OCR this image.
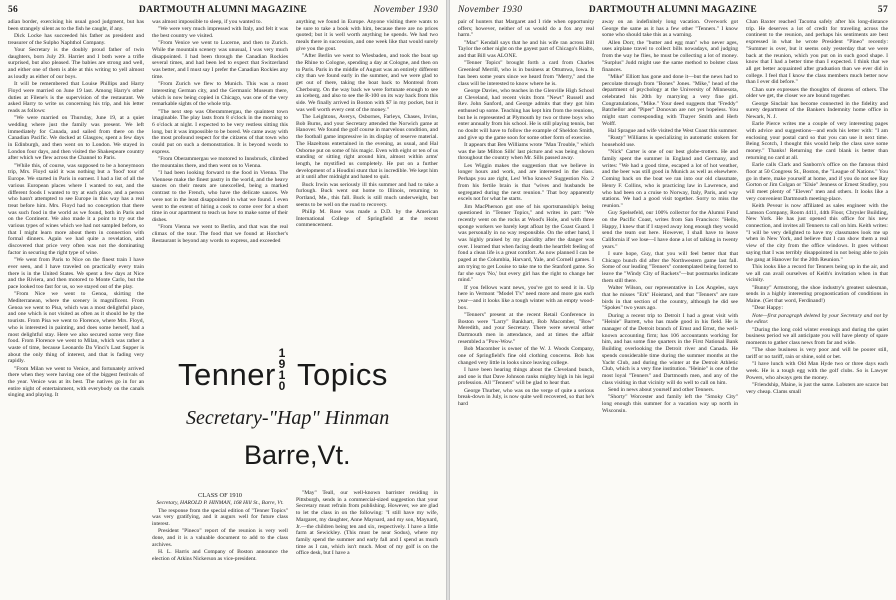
56	DARTMOUTH ALUMNI MAGAZINE	November 1930

adian border, exercising his usual good judgment, but has been strangely silent as to the fish he caught, if any.

Dick Locke has succeeded his father as president and treasurer of the Sulpho Naphthol Company.

Your Secretary is the doubly proud father of twin daughters, born July 29. Harriet and I both were a trifle surprised, but also pleased. The babies are strong and well, and either one of them is able at this writing to yell almost as loudly as either of our boys.

It will be remembered that Louise Phillips and Harry Floyd were married on June 19 last. Among Harry's other duties at Filene's is the supervision of the restaurant. We asked Harry to write us concerning his trip, and his letter reads as follows:

"We were married on Thursday, June 19, at a quiet wedding where just the family was present. We left immediately for Canada, and sailed from there on the Canadian Pacific. We docked at Glasgow, spent a few days in Edinburgh, and then went on to London. We stayed in London four days, and then visited the Shakespeare country after which we flew across the Channel to Paris.

"While this, of course, was supposed to be a honeymoon trip, Mrs. Floyd said it was nothing but a 'food' tour of Europe. We started in Paris in earnest. I had a list of all the various European places where I wanted to eat, and the different foods I wanted to try at each place, and a person who hasn't attempted to see Europe in this way has a real treat before him. Mrs. Floyd had no conception that there was such food in the world as we found, both in Paris and on the Continent. We also made it a point to try out the various types of wines which we had not sampled before, so that I might learn more about them in connection with formal dinners. Again we had quite a revelation, and discovered that price very often was not the dominating factor in securing the right type of wine.

"We went from Paris to Nice on the finest train I have ever seen, and I have traveled on practically every train there is in the United States. We spent a few days at Nice and the Riviera, and then motored to Monte Carlo, but the pace looked too fast for us, so we stayed out of the play.

"From Nice we went to Genoa, skirting the Mediterranean, where the scenery is magnificent. From Genoa we went to Pisa, which was a most delightful place, and one which is not visited as often as it should be by the tourists. From Pisa we went to Florence, where Mrs. Floyd, who is interested in painting, and does some herself, had a most delightful stay. Here we also secured some very fine food. From Florence we went to Milan, which was rather a waste of time, because Leonardo Da Vinci's Last Supper is about the only thing of interest, and that is fading very rapidly.

"From Milan we went to Venice, and fortunately arrived there when they were having one of the biggest festivals of the year. Venice was at its best. The natives go in for an entire night of entertainment, with everybody on the canals singing and playing. It

was almost impossible to sleep, if you wanted to.

"We were very much impressed with Italy, and felt it was the best country we visited.

"From Venice we went to Lucerne, and then to Zurich. While the mountain scenery was unusual, I was very much disappointed. I had been through the Canadian Rockies several times, and had been led to expect that Switzerland was better, and I must say I prefer the Canadian Rockies any time.

"From Zurich we flew to Munich. This was a most interesting German city, and the Germanic Museum there, which is now being copied in Chicago, was one of the very remarkable sights of the whole trip.

"The next step was Oberammergau, the quaintest town imaginable. The play lasts from 8 o'clock in the morning to 6 o'clock at night. I expected to be very restless sitting this long, but it was impossible to be bored. We came away with the most profound respect for the citizens of that town who could put on such a demonstration. It is beyond words to express.

"From Oberammergau we motored to Innsbruck, climbed the mountains there, and then went on to Vienna.

"I had been looking forward to the food in Vienna. The Viennese make the finest pastry in the world, and the heavy sauces on their meats are unexcelled, being a marked contrast to the French, who have the delicate sauces. We were not in the least disappointed in what we found. I even went to the extent of hiring a cook to come over for a short time in our apartment to teach us how to make some of their dishes.

"From Vienna we went to Berlin, and that was the real climax of the tour. The food that we found at Horcher's Restaurant is beyond any words to express, and exceeded

anything we found in Europe. Anyone visiting there wants to be sure to take a book with him, because there are no prices quoted; but it is well worth anything he spends. We had two meals there in succession, and one week like that would surely give you the gout.

"After Berlin we went to Wiesbaden, and took the boat up the Rhine to Cologne, spending a day at Cologne, and then on to Paris. Paris in the middle of August was an entirely different city than we found early in the summer, and we were glad to get out of there, taking the boat back to Montreal from Cherbourg. On the way back we were fortunate enough to see an iceberg, and also to see the R-100 on its way back from this side. We finally arrived in Boston with $7 in my pocket, but it was well worth every cent of the money."

The Leightons, Averys, Osbornes, Farleys, Chases, Irvins, Bob Burns, and your Secretary attended the Norwich game at Hanover. We found the golf course in marvelous condition, and the football game impressive in its display of reserve material. The Hazeltons entertained in the evening, as usual, and Hal Osborne put on some of his magic. Even with eight or ten of us standing or sitting right around him, almost within arms' length, he mystified us completely. He put on a further development of a Houdini stunt that is incredible. We kept him at it until after midnight and hated to quit.

Buck Irwin was seriously ill this summer and had to take a furlough. Buck went out home to Illinois, returning to Portland, Me., this fall. Buck is still much underweight, but seems to be well on the road to recovery.

Philip M. Rose was made a D.D. by the American International College of Springfield at the recent commencement.

Tenner
1
9
1
0 Topics
Secretary-"Hap" Hinman
Barre,Vt.

CLASS OF 1910

Secretary, HAROLD P. HINMAN, 168 Hill St., Barre, Vt.

The response from the special edition of "Tenner Topics" was very gratifying, and it augurs well for future class interest.

President "Pineco" report of the reunion is very well done, and it is a valuable document to add to the class archives.

H. L. Harris and Company of Boston announce the election of Atkins Nickerson as vice-president.

"May" Teall, our well-known barrister residing in Pittsburgh, sends in a commercial-sized suggestion that your Secretary must refrain from publishing. However, we are glad to let the class in on the following: "I still have my wife, Margaret, my daughter, Anne Maynard, and my son, Maynard, Jr.—the children being ten and six, respectively. I have a little farm at Sewickley. (This must be near Sodus), where my family spend the summer and early fall and I spend as much time as I can, which isn't much. Most of my golf is on the office desk, but I have a

November 1930	DARTMOUTH ALUMNI MAGAZINE	57

pair of hunters that Margaret and I ride when opportunity offers; however, neither of us would do a fox any real harm."

"Mac" Kendall says that he and his wife ran across Bill Taylor the other night on the gayest part of Chicago's Rialto, and that Bill was ALONE.

"Tenner Topics" brought forth a card from Charles Greenleaf Merrill, who is in business at Ottumwa, Iowa. It has been some years since we heard from "Merry," and the class will be interested to know where he is.

George Davies, who teaches in the Glenville High School at Cleveland, had recent visits from "Newt" Russell and Rev. John Sanford, and George admits that they got him enthused up some. Teaching has kept him from the reunions, but he is represented at Plymouth by two or three boys who enter annually from his school. He is still playing tennis, but no doubt will have to follow the example of Sheldon Smith, and give up the game soon for some other form of exercise.

It appears that Ben Williams wrote "Man Trouble," which was the late Milton Sills' last picture and was being shown throughout the country when Mr. Sills passed away.

Les Wiggin makes the suggestion that we believe in longer hours and work, and are interested in the class. Perhaps you are right, Les! Who knows? Suggestion No. 2 from his fertile brain is that "wives and husbands be segregated during the next reunion." That boy apparently excels not for what he starts.

Jim MacPherson got one of his sportsmanship's being questioned in "Tenner Topics," and writes in part: "We recently went on the rocks at Wood's Hole, and with three sponge workers we barely kept afloat by the Coast Guard. I was personally in no way responsible. On the other hand, I was highly praised by my placidity after the danger was over. I learned that when facing death the heartfelt feeling of fond a clean life is a great comfort. As now planned I can be paged at the Columbia, Harvard, Yale, and Cornell games. I am trying to get Louise to take me to the Stanford game. So far she says 'No,' but every girl has the right to change her mind."

If you fellows want news, you've got to send it in. Up here in Vermont "Model T's" need more and more gas each year—and it looks like a tough winter with an empty wood-box.

"Tenners" present at the recent Retail Conference in Boston were "Larry" Bankhart, Bob Macomber, "Bow" Meredith, and your Secretary. There were several other Dartmouth men in attendance, and at times the affair resembled a "Pow-Wow."

Bob Macomber is owner of the W. J. Woods Company, one of Springfield's fine old clothing concerns. Bob has changed very little in looks since leaving college.

I have been hearing things about the Cleveland bunch, and one is that Dave Johnson ranks mighty high in his legal profession. All "Tenners" will be glad to hear that.

George Thurber, who was on the verge of quite a serious break-down in July, is now quite well recovered, so that he's hard

away on an indefinitely long vacation. Overwork got George the same as it has a few other "Tenners." I know some who should take this as a warning.

Allen Dorr, the "butter and egg man" who never ages, uses airplane travel to collect bills nowadays, and judging from the way he flies, he must be collecting a lot of money. "Surplus" Judd might use the same method to bolster class finances.

"Mike" Elliott has gone and done it—but the news had to percolate through from "Bones" Jones. "Mike," head of the department of psychology at the University of Minnesota, celebrated his 20th by marrying a very fine girl. Congratulations, "Mike." Your deed suggests that "Freddy" Batchellor and "Piper" Donovan are not yet hopeless. You might start corresponding with Thayer Smith and Herb Wolff.

Hal Sprague and wife visited the West Coast this summer.

"Rusty" Williams is specializing in automatic stokers for household use.

"Nick" Carter is one of our best globe-trotters. He and family spent the summer in England and Germany, and writes: "We had a good time, escaped a lot of hot weather, and the beer was still good in Munich as well as elsewhere. Coming back on the boat we ran into our old classmate, Henry F. Collins, who is practicing law in Lawrence, and who had been on a cruise to Norway, Italy, Paris, and way stations. We had a good visit together. Sorry to miss the reunion."

Guy Spelsefeld, our 100% collector for the Alumni Fund on the Pacific Coast, writes from San Francisco: "Hello, Happy, I knew that if I stayed away long enough they would send the team out here. However, I shall have to leave California if we lose—I have done a lot of talking in twenty years."

I sure hope, Guy, that you will feel better that that Chicago bunch did after the Northwestern game last fall. Some of our leading "Tenners" contemplated being forced to leave the "Windy City of Rackets"—but postmarks indicate them still there.

Walter Wilson, our representative in Los Angeles, says that he misses "Erk" Hoistand, and that "Tenners" are rare birds in that section of the country, although he did see "Spokes" two years ago.

During a recent trip to Detroit I had a great visit with "Heinie" Barrett, who has made good in his field. He is manager of the Detroit branch of Ernst and Ernst, the well-known accounting firm; has 106 accountants working for him, and has some fine quarters in the First National Bank Building overlooking the Detroit river and Canada. He spends considerable time during the summer months at the Yacht Club, and during the winter at the Detroit Athletic Club, which is a very fine institution. "Heinie" is one of the most loyal "Tenners" and Dartmouth men, and any of the class visiting in that vicinity will do well to call on him.

Send in news about yourself and other Tenners.

"Shorty" Worcester and family left the "Smoky City" long enough this summer for a vacation way up north in Wisconsin.

Chan Baxter reached Tacoma safely after his long-distance trip. He deserves a lot of credit for traveling across the continent to the reunion, and perhaps his sentiments are best expressed in what he wrote President "Pineo" recently: "Summer is over, but it seems only yesterday that we were back at the reunion, which you put on in such good shape. I know that I had a better time than I expected. I think that we all get better acquainted after graduation than we ever did in college. I feel that I know the class members much better now than I ever did before."

Chan sure expresses the thoughts of dozens of others. The older we get, the closer we are bound together.

George Sinclair has become connected in the fidelity and surety department of the Bankers Indemnity home office in Newark, N. J.

Earle Pierce writes me a couple of very interesting pages with advice and suggestions—and ends his letter with: "I am enclosing your postal card so that you can use it next time. Being Scotch, I thought this would help the class save some money." Thanks! Returning the card blank is better than returning no card at all.

Earle calls Clark and Sanborn's office on the famous third floor at 50 Congress St., Boston, the "League of Nations." You go in there, make yourself at home, and if you do not see Ray Gorton or Jim Colgan or "Elsie" Jenness or Ernest Studley, you will meet plenty of "Eleven" men and others. It looks like a very convenient Dartmouth meeting-place.

Keith Pevear is now affiliated as sales engineer with the Lamson Company, Room 4411, 44th Floor, Chrysler Building, New York. He has just opened this office for his new connection, and invites all Tenners to call on him. Keith writes: "I will be very delighted to have my classmates look me up when in New York, and believe that I can show them a real view of the city from the office windows. It goes without saying that I was terribly disappointed in not being able to join the gang at Hanover for the 20th Reunion."

This looks like a record for Tenners being up in the air, and we all can avail ourselves of Keith's invitation when in that vicinity.

"Bunny" Armstrong, the shoe industry's greatest salesman, sends in a highly interesting prognostication of conditions in Maine. (Get that word, Ferdinand!)

"Dear Happy:

Note—first paragraph deleted by your Secretary and not by the editor.

"During the long cold winter evenings and during the quiet business period we all anticipate you will have plenty of spare moments to gather class news from far and wide.

"The shoe business is very poor and will be poorer still, tariff or no tariff, rain or shine, sold or bet.

"I have lunch with Old Man Hyde two or three days each week. He is a tough egg with the golf clubs. So is Lawyer Powers, who always gets the money.

"Friendship, Maine, is just the same. Lobsters are scarce but very cheap. Clams small
